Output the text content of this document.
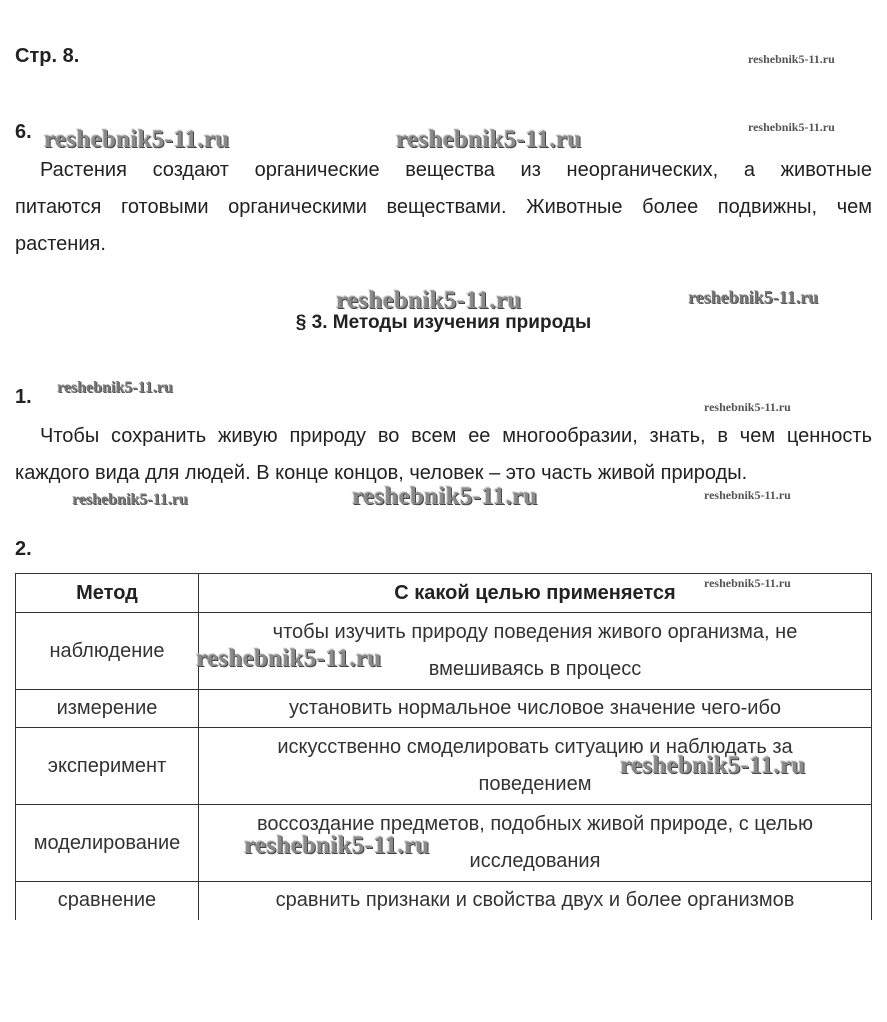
Стр. 8.	reshebnik5-11.ru
6. reshebnik5-11.ru	reshebnik5-11.ru	reshebnik5-11.ru
Растения создают органические вещества из неорганических, а животные
питаются готовыми органическими веществами. Животные более подвижны, чем
растения.
reshebnik5-11.ru	reshebnik5-11.ru
§ 3. Методы изучения природы
1. reshebnik5-11.ru
reshebnik5-11.ru
Чтобы сохранить живую природу во всем ее многообразии, знать, в чем ценность
каждого вида для людей. В конце концов, человек – это часть живой природы.
reshebnik5-11.ru	reshebnik5-11.ru	reshebnik5-11.ru
2.
Метод	С какой целью применяется
наблюдение	чтобы изучить природу поведения живого организма, не
вмешиваясь в процесс

измерение	установить нормальное числовое значение чего-ибо
эксперимент	искусственно смоделировать ситуацию и наблюдать за
поведением

моделирование	воссоздание предметов, подобных живой природе, с целью
исследования

сравнение	сравнить признаки и свойства двух и более организмов
reshebnik5-11.ru
reshebnik5-11.ru
reshebnik5-11.ru
reshebnik5-11.ru
